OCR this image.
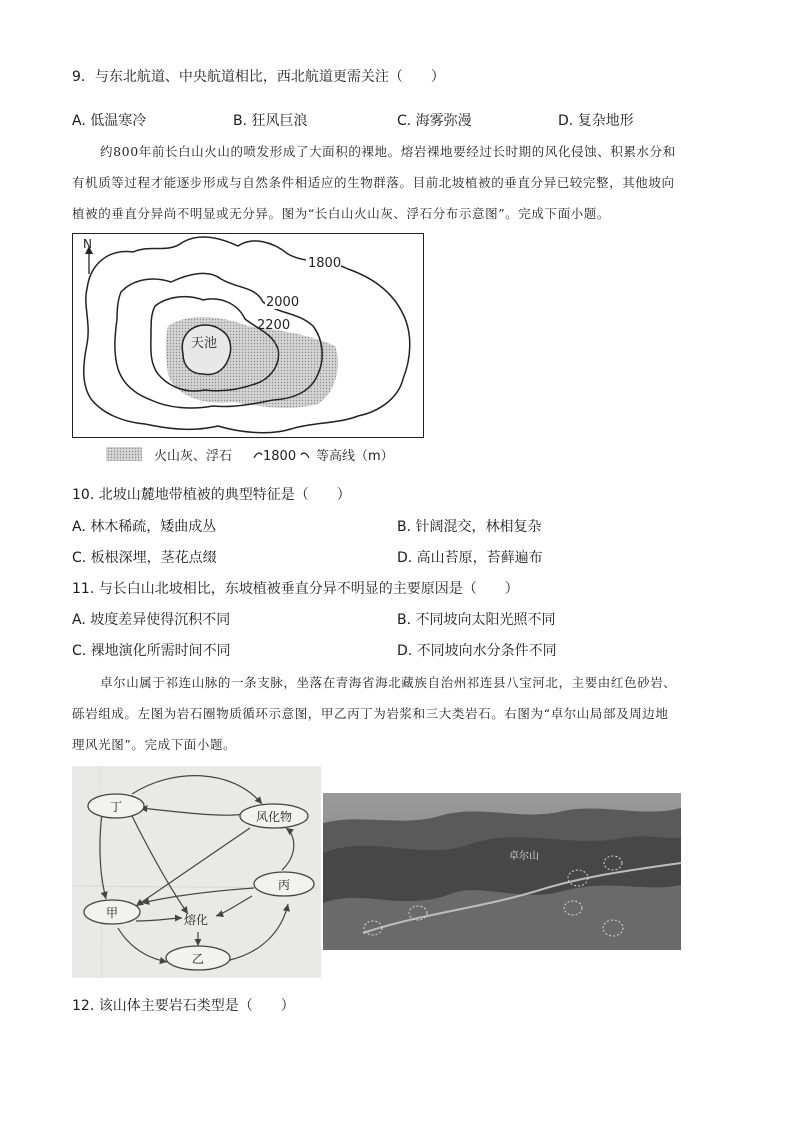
9．与东北航道、中央航道相比，西北航道更需关注（　　）
A. 低温寒冷	B. 狂风巨浪	C. 海雾弥漫	D. 复杂地形
约800年前长白山火山的喷发形成了大面积的裸地。熔岩裸地要经过长时期的风化侵蚀、积累水分和
有机质等过程才能逐步形成与自然条件相适应的生物群落。目前北坡植被的垂直分异已较完整，其他坡向
植被的垂直分异尚不明显或无分异。图为“长白山火山灰、浮石分布示意图”。完成下面小题。
N
1800
2000
2200
天池
火山灰、浮石 1800 等高线（m）
10. 北坡山麓地带植被的典型特征是（　　）
A. 林木稀疏，矮曲成丛	B. 针阔混交，林相复杂
C. 板根深埋，茎花点缀	D. 高山苔原，苔藓遍布
11. 与长白山北坡相比，东坡植被垂直分异不明显的主要原因是（　　）
A. 坡度差异使得沉积不同	B. 不同坡向太阳光照不同
C. 裸地演化所需时间不同	D. 不同坡向水分条件不同
卓尔山属于祁连山脉的一条支脉，坐落在青海省海北藏族自治州祁连县八宝河北，主要由红色砂岩、
砾岩组成。左图为岩石圈物质循环示意图，甲乙丙丁为岩浆和三大类岩石。右图为“卓尔山局部及周边地
理风光图”。完成下面小题。
丁
风化物
甲
丙
熔化
乙
卓尔山
12. 该山体主要岩石类型是（　　）
